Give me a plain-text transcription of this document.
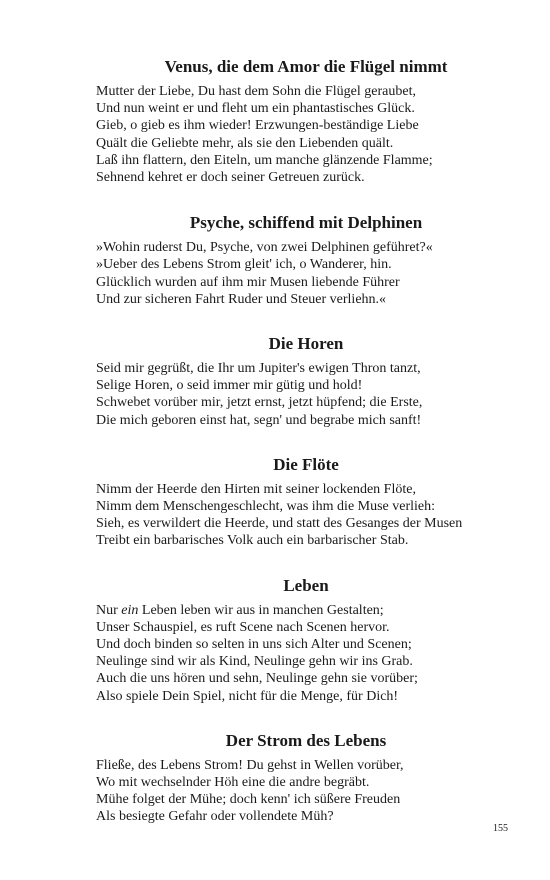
Venus, die dem Amor die Flügel nimmt
Mutter der Liebe, Du hast dem Sohn die Flügel geraubet,
Und nun weint er und fleht um ein phantastisches Glück.
Gieb, o gieb es ihm wieder! Erzwungen-beständige Liebe
Quält die Geliebte mehr, als sie den Liebenden quält.
Laß ihn flattern, den Eiteln, um manche glänzende Flamme;
Sehnend kehret er doch seiner Getreuen zurück.
Psyche, schiffend mit Delphinen
»Wohin ruderst Du, Psyche, von zwei Delphinen geführet?«
»Ueber des Lebens Strom gleit' ich, o Wanderer, hin.
Glücklich wurden auf ihm mir Musen liebende Führer
Und zur sicheren Fahrt Ruder und Steuer verliehn.«
Die Horen
Seid mir gegrüßt, die Ihr um Jupiter's ewigen Thron tanzt,
Selige Horen, o seid immer mir gütig und hold!
Schwebet vorüber mir, jetzt ernst, jetzt hüpfend; die Erste,
Die mich geboren einst hat, segn' und begrabe mich sanft!
Die Flöte
Nimm der Heerde den Hirten mit seiner lockenden Flöte,
Nimm dem Menschengeschlecht, was ihm die Muse verlieh:
Sieh, es verwildert die Heerde, und statt des Gesanges der Musen
Treibt ein barbarisches Volk auch ein barbarischer Stab.
Leben
Nur ein Leben leben wir aus in manchen Gestalten;
Unser Schauspiel, es ruft Scene nach Scenen hervor.
Und doch binden so selten in uns sich Alter und Scenen;
Neulinge sind wir als Kind, Neulinge gehn wir ins Grab.
Auch die uns hören und sehn, Neulinge gehn sie vorüber;
Also spiele Dein Spiel, nicht für die Menge, für Dich!
Der Strom des Lebens
Fließe, des Lebens Strom! Du gehst in Wellen vorüber,
Wo mit wechselnder Höh eine die andre begräbt.
Mühe folget der Mühe; doch kenn' ich süßere Freuden
Als besiegte Gefahr oder vollendete Müh?
155
